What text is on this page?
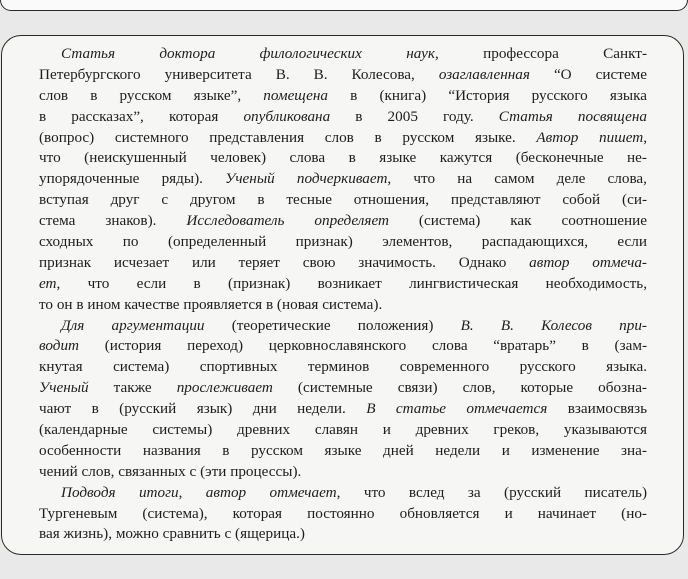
Статья доктора филологических наук, профессора Санкт-
Петербургского университета В. В. Колесова, озаглавленная “О системе
слов в русском языке”, помещена в (книга) “История русского языка
в рассказах”, которая опубликована в 2005 году. Статья посвящена
(вопрос) системного представления слов в русском языке. Автор пишет,
что (неискушенный человек) слова в языке кажутся (бесконечные не-
упорядоченные ряды). Ученый подчеркивает, что на самом деле слова,
вступая друг с другом в тесные отношения, представляют собой (си-
стема знаков). Исследователь определяет (система) как соотношение
сходных по (определенный признак) элементов, распадающихся, если
признак исчезает или теряет свою значимость. Однако автор отмеча-
ет, что если в (признак) возникает лингвистическая необходимость,
то он в ином качестве проявляется в (новая система).
Для аргументации (теоретические положения) В. В. Колесов при-
водит (история переход) церковнославянского слова “вратарь” в (зам-
кнутая система) спортивных терминов современного русского языка.
Ученый также прослеживает (системные связи) слов, которые обозна-
чают в (русский язык) дни недели. В статье отмечается взаимосвязь
(календарные системы) древних славян и древних греков, указываются
особенности названия в русском языке дней недели и изменение зна-
чений слов, связанных с (эти процессы).
Подводя итоги, автор отмечает, что вслед за (русский писатель)
Тургеневым (система), которая постоянно обновляется и начинает (но-
вая жизнь), можно сравнить с (ящерица.)
